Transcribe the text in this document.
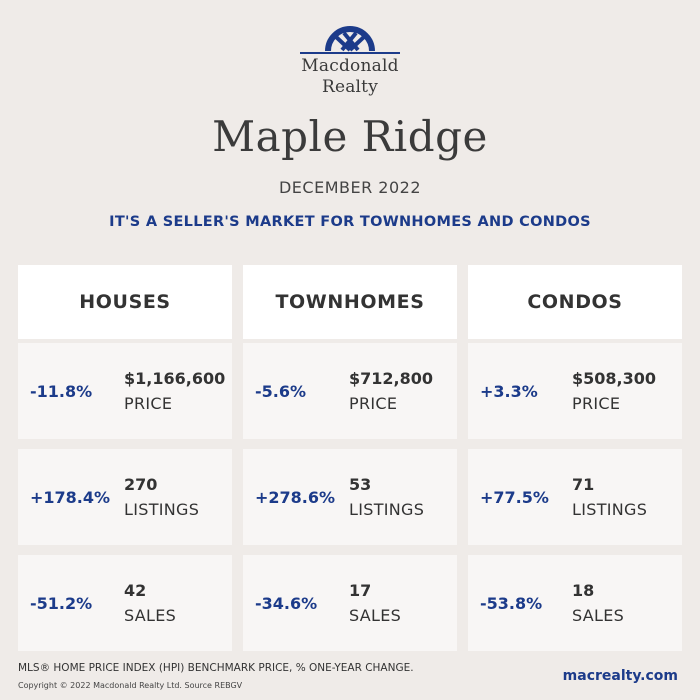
Macdonald
Realty
Maple Ridge
DECEMBER 2022
IT'S A SELLER'S MARKET FOR TOWNHOMES AND CONDOS
HOUSES
-11.8%
$1,166,600
PRICE
+178.4%
270
LISTINGS
-51.2%
42
SALES
TOWNHOMES
-5.6%
$712,800
PRICE
+278.6%
53
LISTINGS
-34.6%
17
SALES
CONDOS
+3.3%
$508,300
PRICE
+77.5%
71
LISTINGS
-53.8%
18
SALES
MLS® HOME PRICE INDEX (HPI) BENCHMARK PRICE, % ONE-YEAR CHANGE.
Copyright © 2022 Macdonald Realty Ltd. Source REBGV
macrealty.com
